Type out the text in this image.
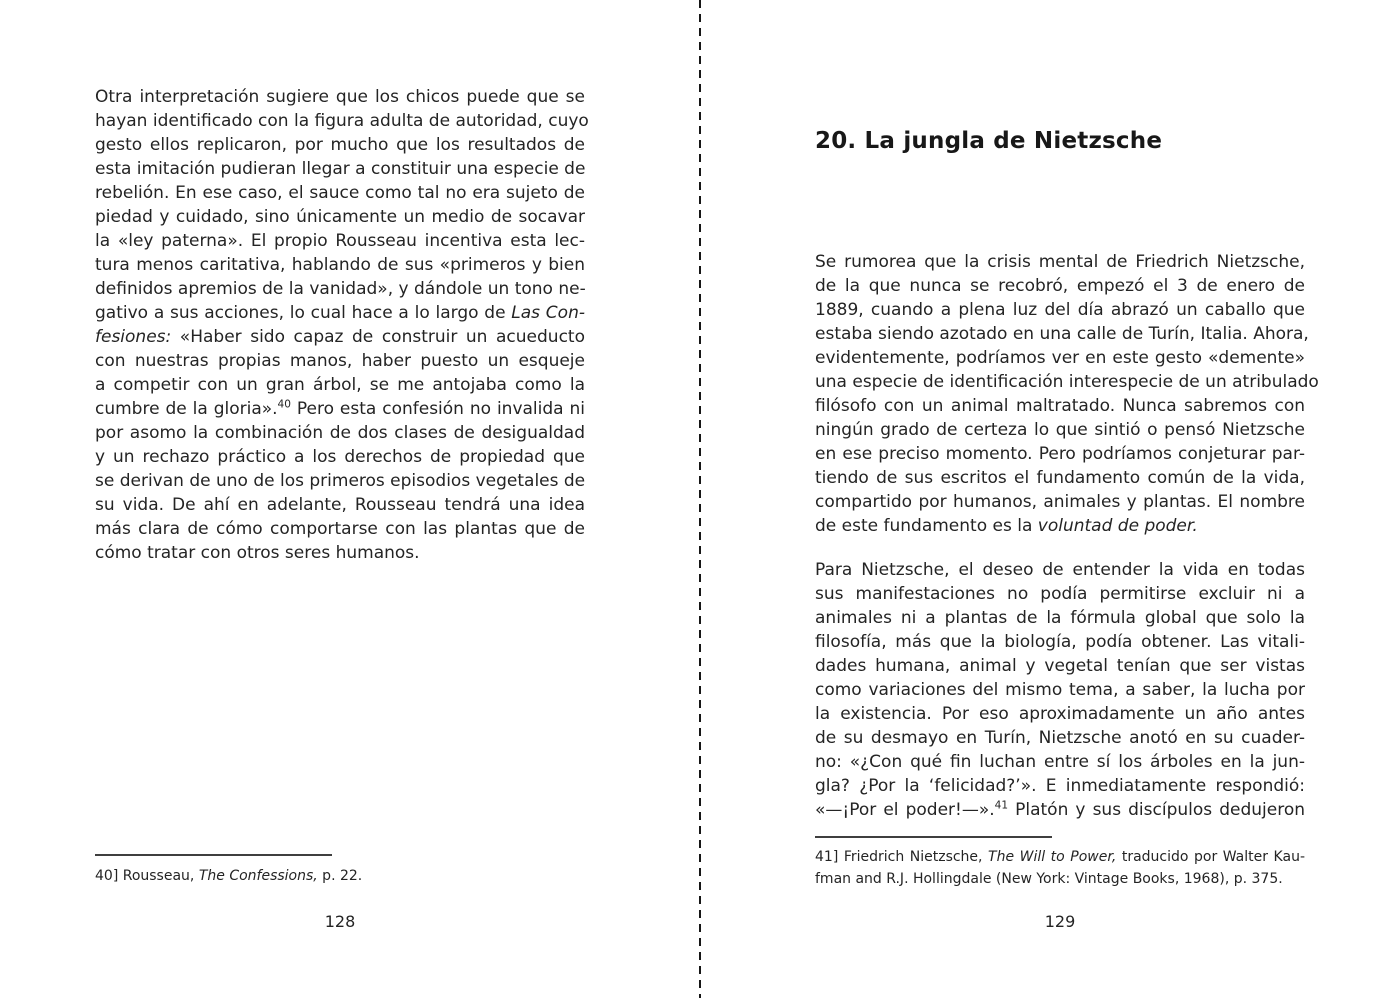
Otra interpretación sugiere que los chicos puede que se
hayan identificado con la figura adulta de autoridad, cuyo
gesto ellos replicaron, por mucho que los resultados de
esta imitación pudieran llegar a constituir una especie de
rebelión. En ese caso, el sauce como tal no era sujeto de
piedad y cuidado, sino únicamente un medio de socavar
la «ley paterna». El propio Rousseau incentiva esta lec-
tura menos caritativa, hablando de sus «primeros y bien
definidos apremios de la vanidad», y dándole un tono ne-
gativo a sus acciones, lo cual hace a lo largo de Las Con-
fesiones: «Haber sido capaz de construir un acueducto
con nuestras propias manos, haber puesto un esqueje
a competir con un gran árbol, se me antojaba como la
cumbre de la gloria».$^{40}$ Pero esta confesión no invalida ni
por asomo la combinación de dos clases de desigualdad
y un rechazo práctico a los derechos de propiedad que
se derivan de uno de los primeros episodios vegetales de
su vida. De ahí en adelante, Rousseau tendrá una idea
más clara de cómo comportarse con las plantas que de
cómo tratar con otros seres humanos.
40] Rousseau, The Confessions, p. 22.
128
20. La jungla de Nietzsche
Se rumorea que la crisis mental de Friedrich Nietzsche,
de la que nunca se recobró, empezó el 3 de enero de
1889, cuando a plena luz del día abrazó un caballo que
estaba siendo azotado en una calle de Turín, Italia. Ahora,
evidentemente, podríamos ver en este gesto «demente»
una especie de identificación interespecie de un atribulado
filósofo con un animal maltratado. Nunca sabremos con
ningún grado de certeza lo que sintió o pensó Nietzsche
en ese preciso momento. Pero podríamos conjeturar par-
tiendo de sus escritos el fundamento común de la vida,
compartido por humanos, animales y plantas. El nombre
de este fundamento es la voluntad de poder.
Para Nietzsche, el deseo de entender la vida en todas
sus manifestaciones no podía permitirse excluir ni a
animales ni a plantas de la fórmula global que solo la
filosofía, más que la biología, podía obtener. Las vitali-
dades humana, animal y vegetal tenían que ser vistas
como variaciones del mismo tema, a saber, la lucha por
la existencia. Por eso aproximadamente un año antes
de su desmayo en Turín, Nietzsche anotó en su cuader-
no: «¿Con qué fin luchan entre sí los árboles en la jun-
gla? ¿Por la ‘felicidad?’». E inmediatamente respondió:
«—¡Por el poder!—».$^{41}$ Platón y sus discípulos dedujeron
41] Friedrich Nietzsche, The Will to Power, traducido por Walter Kau-
fman and R.J. Hollingdale (New York: Vintage Books, 1968), p. 375.
129
